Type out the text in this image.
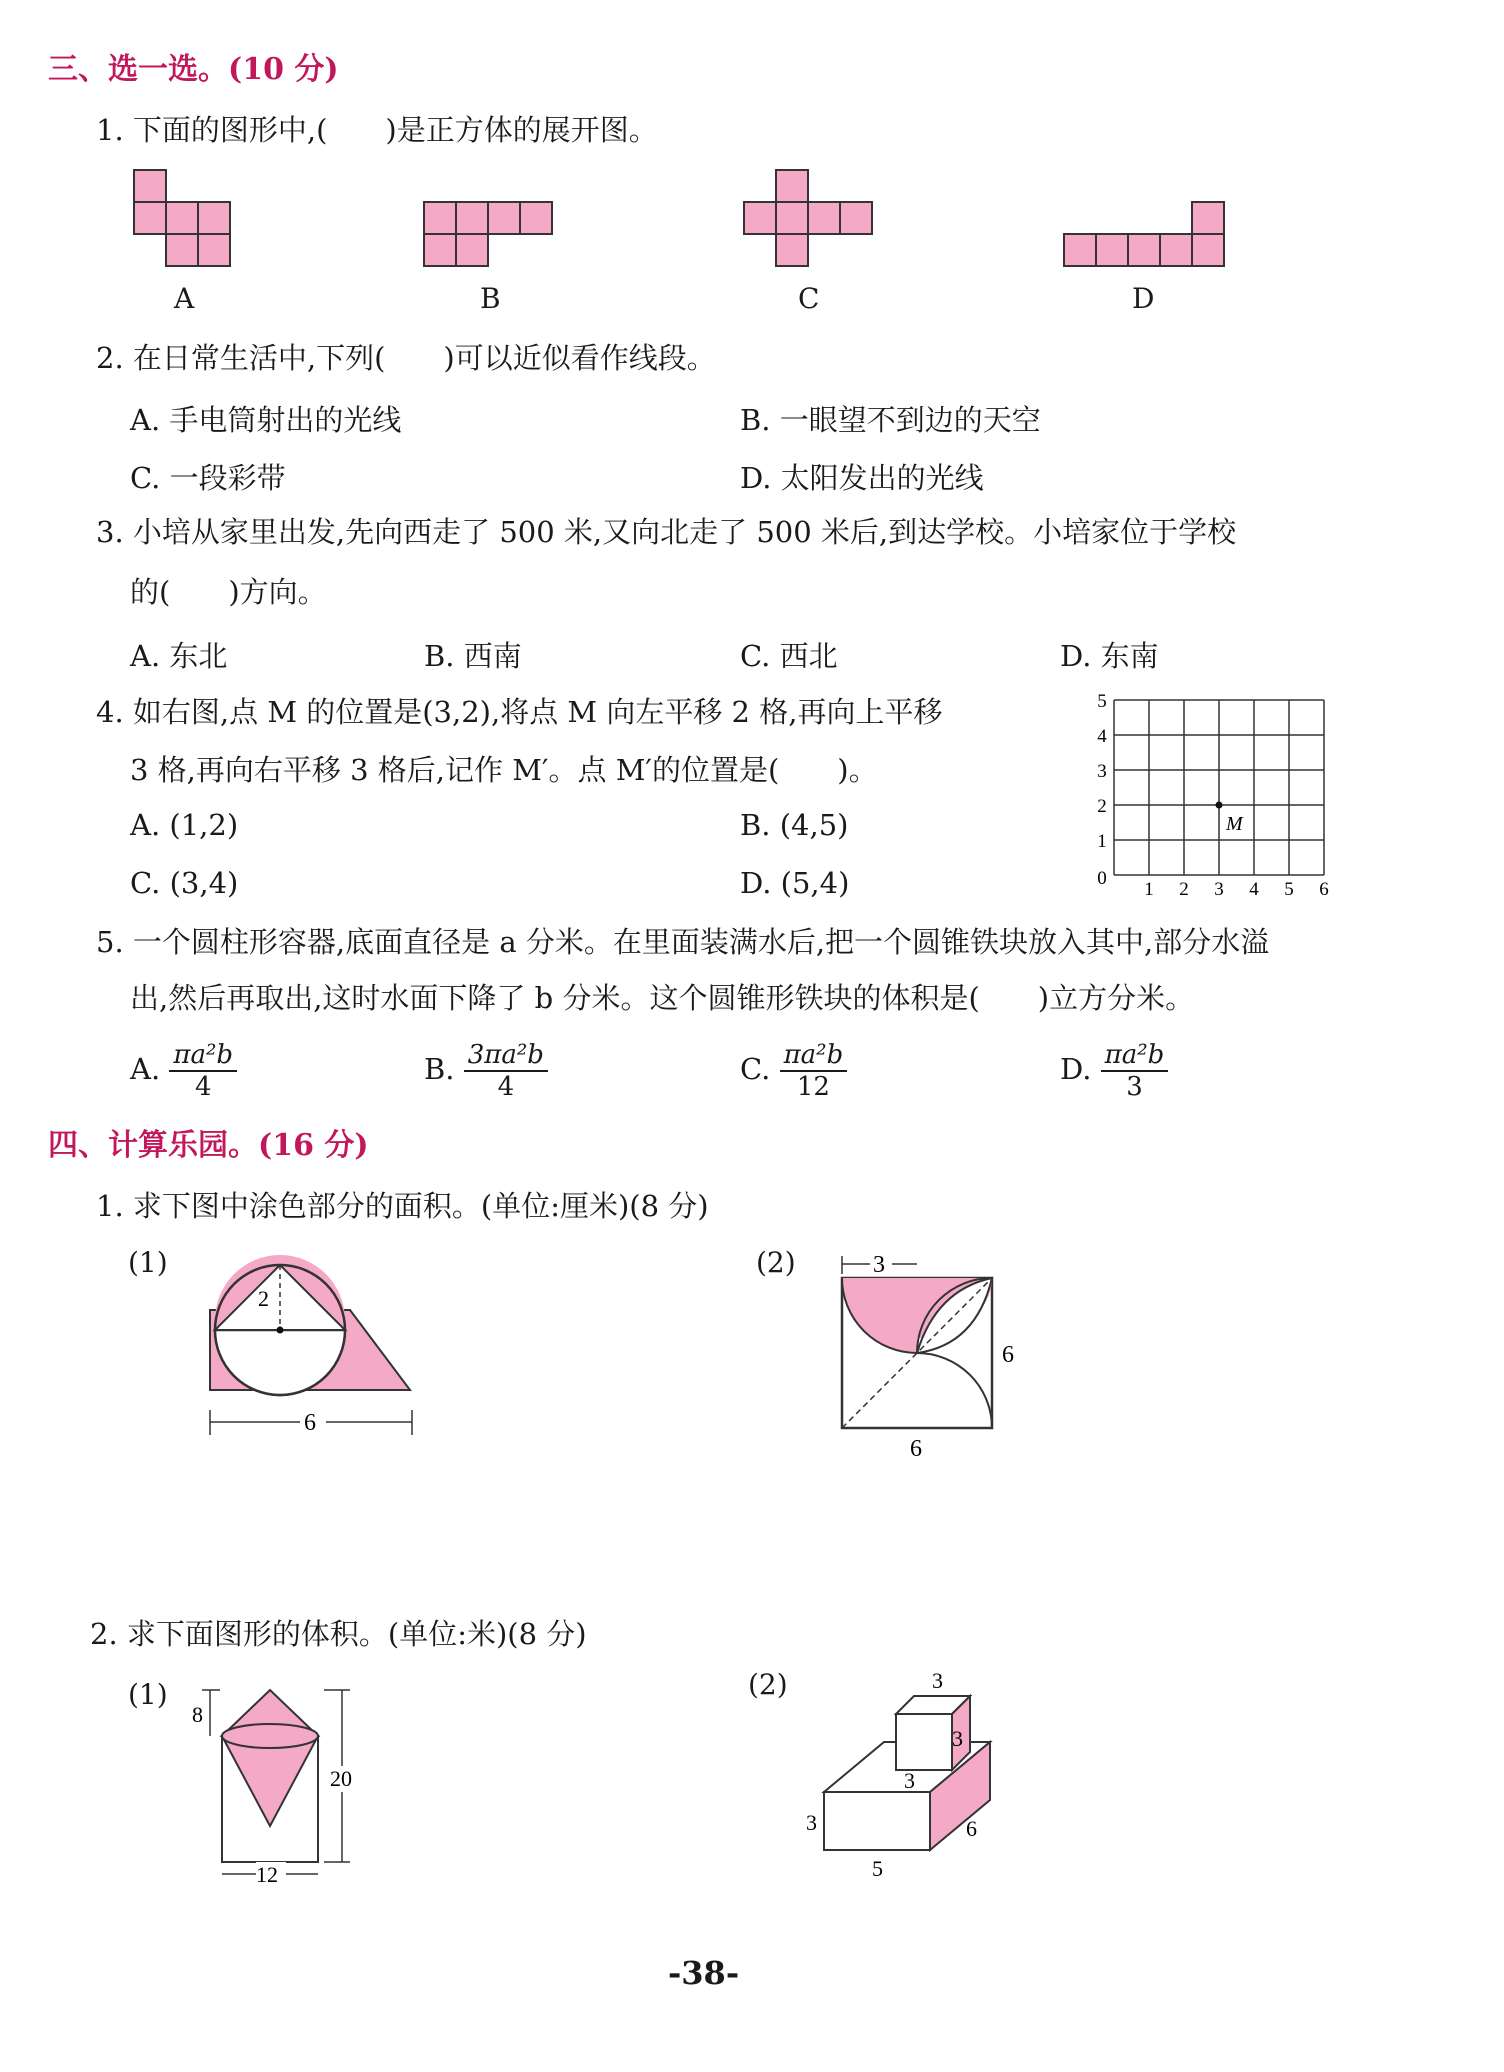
三、选一选。(10 分)
1. 下面的图形中,(　　)是正方体的展开图。
A	B	C	D
2. 在日常生活中,下列(　　)可以近似看作线段。
A. 手电筒射出的光线	B. 一眼望不到边的天空
C. 一段彩带	D. 太阳发出的光线
3. 小培从家里出发,先向西走了 500 米,又向北走了 500 米后,到达学校。小培家位于学校
的(　　)方向。
A. 东北	B. 西南	C. 西北	D. 东南
4. 如右图,点 M 的位置是(3,2),将点 M 向左平移 2 格,再向上平移
3 格,再向右平移 3 格后,记作 M′。点 M′的位置是(　　)。
A. (1,2)	B. (4,5)
C. (3,4)	D. (5,4)
M
0
1 2 3 4 5 6
1
2
3
4
5
5. 一个圆柱形容器,底面直径是 a 分米。在里面装满水后,把一个圆锥铁块放入其中,部分水溢
出,然后再取出,这时水面下降了 b 分米。这个圆锥形铁块的体积是(　　)立方分米。
A. $\frac{\text{πa²b}}{4}$	B. $\frac{\text{3πa²b}}{4}$	C. $\frac{\text{πa²b}}{12}$	D. $\frac{\text{πa²b}}{3}$
四、计算乐园。(16 分)
1. 求下图中涂色部分的面积。(单位:厘米)(8 分)
(1)
2
6
(2)	3
6
6
2. 求下面图形的体积。(单位:米)(8 分)
(1)
8
20
12
(2)	3
3
3
3	6
5
-38-
